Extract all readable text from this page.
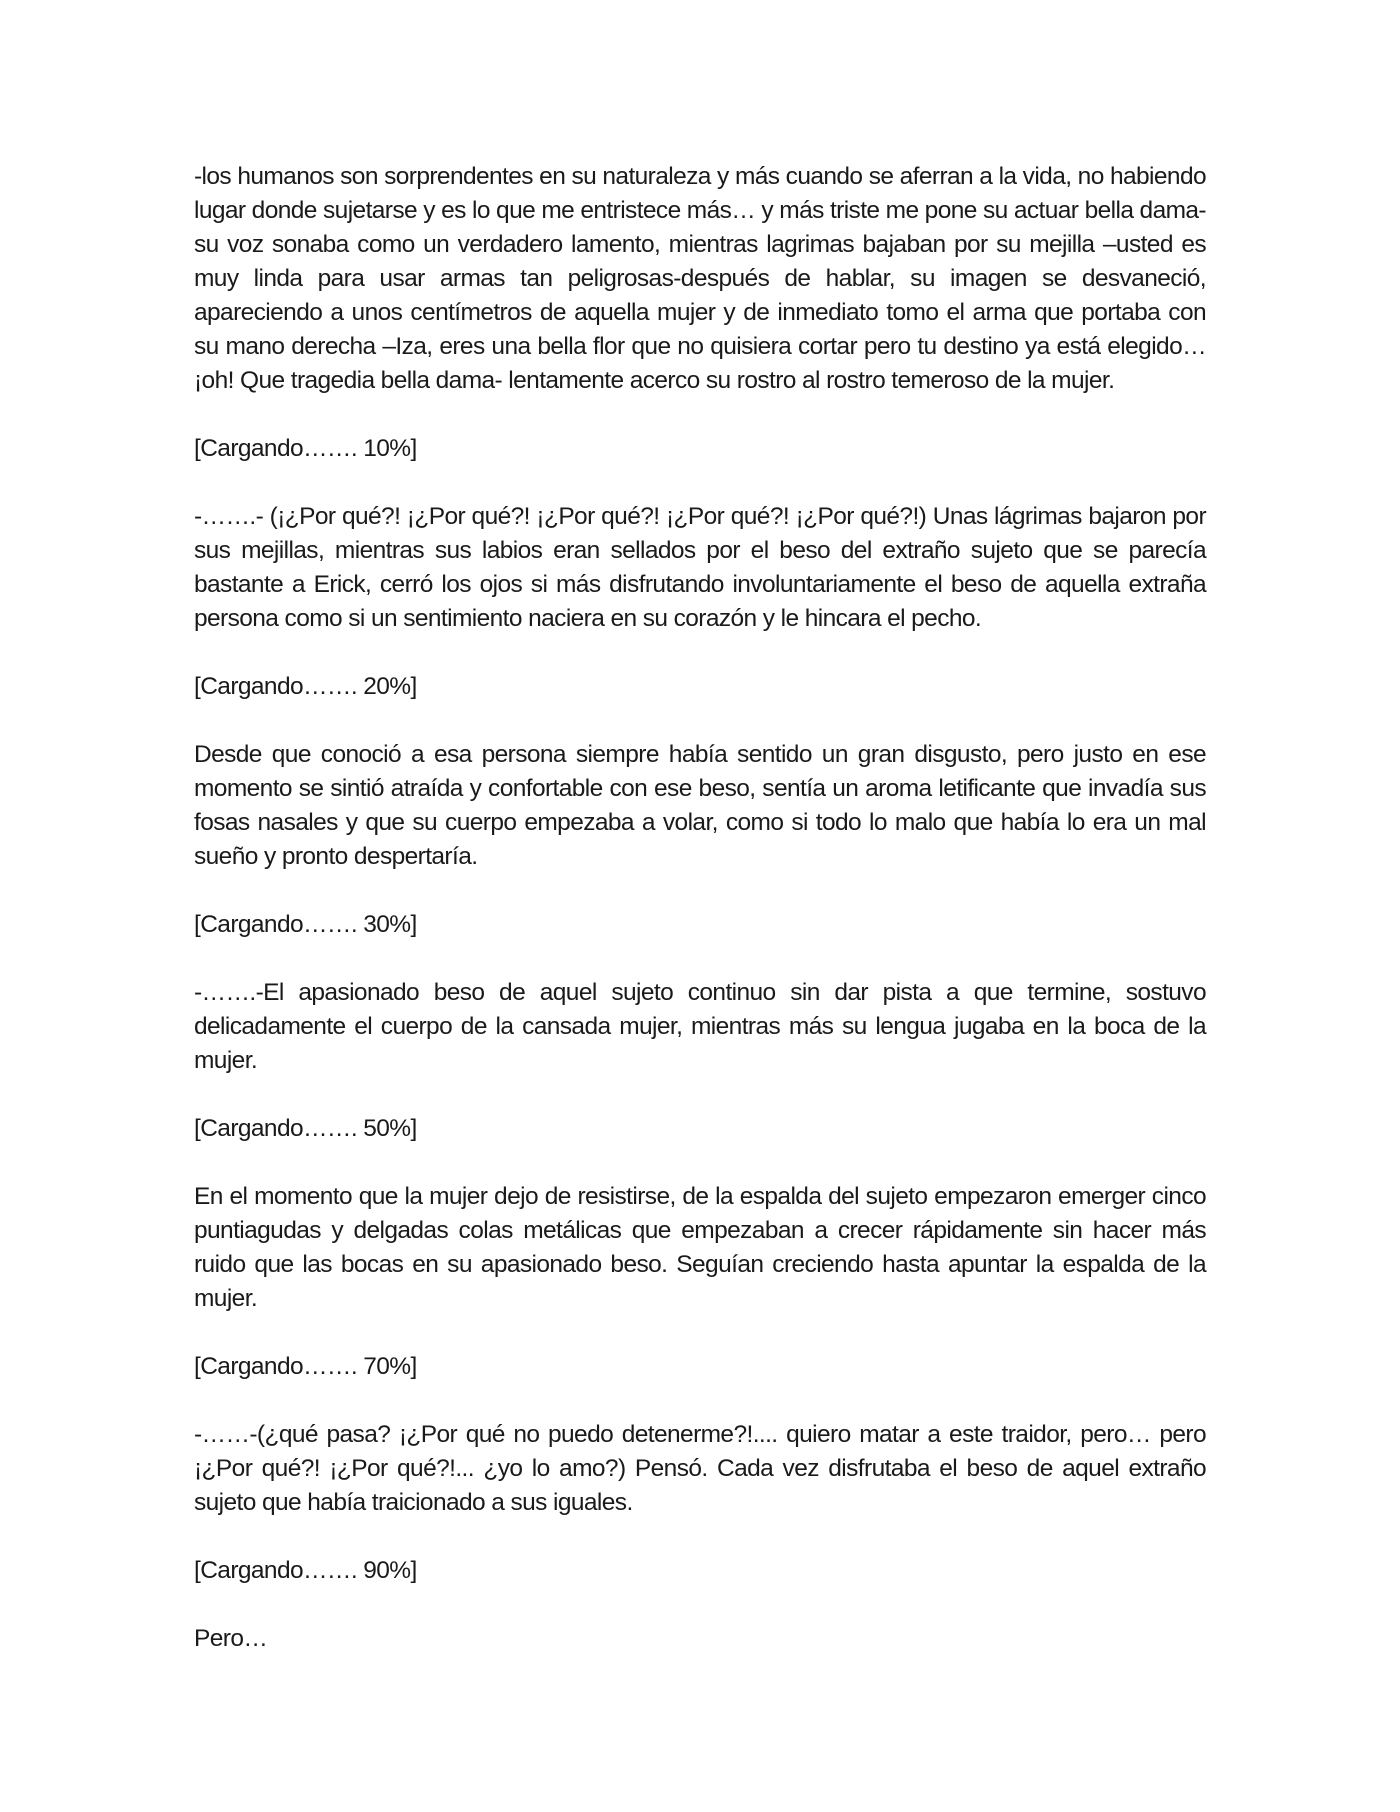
-los humanos son sorprendentes en su naturaleza y más cuando se aferran a la vida, no habiendo lugar donde sujetarse y es lo que me entristece más… y más triste me pone su actuar bella dama- su voz sonaba como un verdadero lamento, mientras lagrimas bajaban por su mejilla –usted es muy linda para usar armas tan peligrosas-después de hablar, su imagen se desvaneció, apareciendo a unos centímetros de aquella mujer y de inmediato tomo el arma que portaba con su mano derecha –Iza, eres una bella flor que no quisiera cortar pero tu destino ya está elegido… ¡oh! Que tragedia bella dama- lentamente acerco su rostro al rostro temeroso de la mujer.

[Cargando……. 10%]

-…….- (¡¿Por qué?! ¡¿Por qué?! ¡¿Por qué?! ¡¿Por qué?! ¡¿Por qué?!) Unas lágrimas bajaron por sus mejillas, mientras sus labios eran sellados por el beso del extraño sujeto que se parecía bastante a Erick, cerró los ojos si más disfrutando involuntariamente el beso de aquella extraña persona como si un sentimiento naciera en su corazón y le hincara el pecho.

[Cargando……. 20%]

Desde que conoció a esa persona siempre había sentido un gran disgusto, pero justo en ese momento se sintió atraída y confortable con ese beso, sentía un aroma letificante que invadía sus fosas nasales y que su cuerpo empezaba a volar, como si todo lo malo que había lo era un mal sueño y pronto despertaría.

[Cargando……. 30%]

-…….-El apasionado beso de aquel sujeto continuo sin dar pista a que termine, sostuvo delicadamente el cuerpo de la cansada mujer, mientras más su lengua jugaba en la boca de la mujer.

[Cargando……. 50%]

En el momento que la mujer dejo de resistirse, de la espalda del sujeto empezaron emerger cinco puntiagudas y delgadas colas metálicas que empezaban a crecer rápidamente sin hacer más ruido que las bocas en su apasionado beso. Seguían creciendo hasta apuntar la espalda de la mujer.

[Cargando……. 70%]

-……-(¿qué pasa? ¡¿Por qué no puedo detenerme?!.... quiero matar a este traidor, pero… pero ¡¿Por qué?! ¡¿Por qué?!... ¿yo lo amo?) Pensó. Cada vez disfrutaba el beso de aquel extraño sujeto que había traicionado a sus iguales.

[Cargando……. 90%]

Pero…
